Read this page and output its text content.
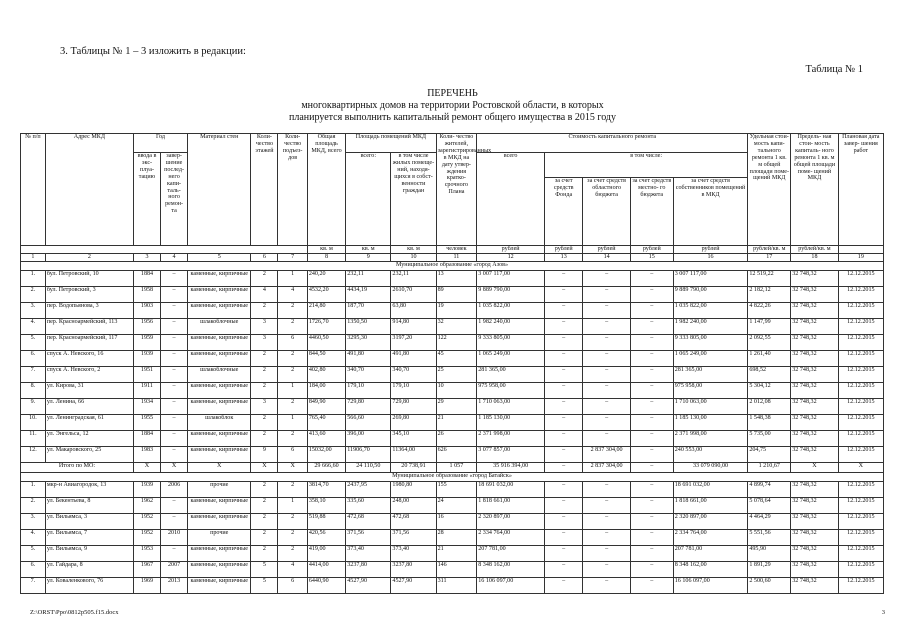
3. Таблицы № 1 – 3 изложить в редакции:
Таблица № 1
ПЕРЕЧЕНЬ
многоквартирных домов на территории Ростовской области, в которых
планируется выполнить капитальный ремонт общего имущества в 2015 году
№ п/п	Адрес МКД	Год		Материал стен	Коли- чество этажей	Коли- чество подъез- дов	Общая площадь МКД, всего	Площадь помещений МКД		Коли- чество жителей, зарегистрированных в МКД на дату утвер- ждения кратко- срочного Плана	Стоимость капитального ремонта					Удельная стои- мость капи- тального ремонта 1 кв. м общей площади поме- щений МКД	Предель- ная стои- мость капиталь- ного ремонта 1 кв. м общей площади поме- щений МКД	Плановая дата завер- шения работ
		ввода в экс- плуа- тацию	завер- шение послед- него капи- таль- ного ремон- та					всего:	в том числе жилых помеще- ний, находя- щихся в собст- венности граждан		всего	в том числе:						
												за счет средств Фонда	за счет средств областного бюджета	за счет средств местно- го бюджета	за счет средств собственников помещений в МКД			
							кв. м	кв. м	кв. м	человек	рублей	рублей	рублей	рублей	рублей	рублей/кв. м	рублей/кв. м	
1	2	3	4	5	6	7	8	9	10	11	12	13	14	15	16	17	18	19
Муниципальное образование «город Азов»																		
1.	бул. Петровский, 10	1884	–	каменные, кирпичные	2	1	240,20	232,11	232,11	13	3 007 117,00	–	–	–	3 007 117,00	12 519,22	32 748,32	12.12.2015
2.	бул. Петровский, 3	1958	–	каменные, кирпичные	4	4	4532,20	4434,19	2610,70	89	9 889 790,00	–	–	–	9 889 790,00	2 182,12	32 748,32	12.12.2015
3.	пер. Водопьянова, 3	1903	–	каменные, кирпичные	2	2	214,80	187,70	63,80	19	1 035 822,00	–	–	–	1 035 822,00	4 822,26	32 748,32	12.12.2015
4.	пер. Красноармейский, 113	1956	–	шлакоблочные	3	2	1726,70	1350,50	914,80	32	1 982 240,00	–	–	–	1 982 240,00	1 147,99	32 748,32	12.12.2015
5.	пер. Красноармейский, 117	1959	–	каменные, кирпичные	3	6	4460,50	3295,30	3197,20	122	9 333 805,00	–	–	–	9 333 805,00	2 092,55	32 748,32	12.12.2015
6.	спуск А. Невского, 16	1939	–	каменные, кирпичные	2	2	844,50	491,80	491,80	45	1 065 249,00	–	–	–	1 065 249,00	1 261,40	32 748,32	12.12.2015
7.	спуск А. Невского, 2	1951	–	шлакоблочные	2	2	402,80	340,70	340,70	25	281 365,00	–	–	–	281 365,00	698,52	32 748,32	12.12.2015
8.	ул. Кирова, 31	1911	–	каменные, кирпичные	2	1	184,00	179,10	179,10	10	975 958,00	–	–	–	975 958,00	5 304,12	32 748,32	12.12.2015
9.	ул. Ленина, 66	1934	–	каменные, кирпичные	3	2	849,90	729,80	729,80	29	1 710 063,00	–	–	–	1 710 063,00	2 012,08	32 748,32	12.12.2015
10.	ул. Ленинградская, 61	1955	–	шлакоблок	2	1	765,40	566,60	269,80	21	1 185 130,00	–	–	–	1 185 130,00	1 548,38	32 748,32	12.12.2015
11.	ул. Энгельса, 12	1884	–	каменные, кирпичные	2	2	413,60	396,00	345,10	26	2 371 998,00	–	–	–	2 371 998,00	5 735,00	32 748,32	12.12.2015
12.	ул. Макаровского, 25	1983	–	каменные, кирпичные	9	6	15032,00	11906,70	11364,00	626	3 077 857,00	–	2 837 304,00	–	240 553,00	204,75	32 748,32	12.12.2015
Итого по МО:		X	X	X	X	X	29 666,60	24 110,50	20 738,91	1 057	35 916 394,00	–	2 837 304,00	–	33 079 090,00	1 210,67	X	X
Муниципальное образование «город Батайск»																		
1.	мкр-н Авиагородок, 13	1939	2006	прочие	2	2	3814,70	2437,95	1980,80	155	18 691 032,00	–	–	–	18 691 032,00	4 899,74	32 748,32	12.12.2015
2.	ул. Бекентьева, 8	1962	–	каменные, кирпичные	2	1	358,10	335,60	248,00	24	1 818 661,00	–	–	–	1 818 661,00	5 078,64	32 748,32	12.12.2015
3.	ул. Вильямса, 3	1952	–	каменные, кирпичные	2	2	519,88	472,68	472,68	16	2 320 897,00	–	–	–	2 320 897,00	4 464,29	32 748,32	12.12.2015
4.	ул. Вильямса, 7	1952	2010	прочие	2	2	420,56	371,56	371,56	28	2 334 764,00	–	–	–	2 334 764,00	5 551,56	32 748,32	12.12.2015
5.	ул. Вильямса, 9	1953	–	каменные, кирпичные	2	2	419,00	373,40	373,40	21	207 781,00	–	–	–	207 781,00	495,90	32 748,32	12.12.2015
6.	ул. Гайдара, 8	1967	2007	каменные, кирпичные	5	4	4414,00	3237,80	3237,80	146	8 348 162,00	–	–	–	8 348 162,00	1 891,29	32 748,32	12.12.2015
7.	ул. Коваленкового, 76	1969	2013	каменные, кирпичные	5	6	6440,90	4527,90	4527,90	311	16 106 097,00	–	–	–	16 106 097,00	2 500,60	32 748,32	12.12.2015
Z:\ORST\Ppo\0812p505.f15.docx	3
